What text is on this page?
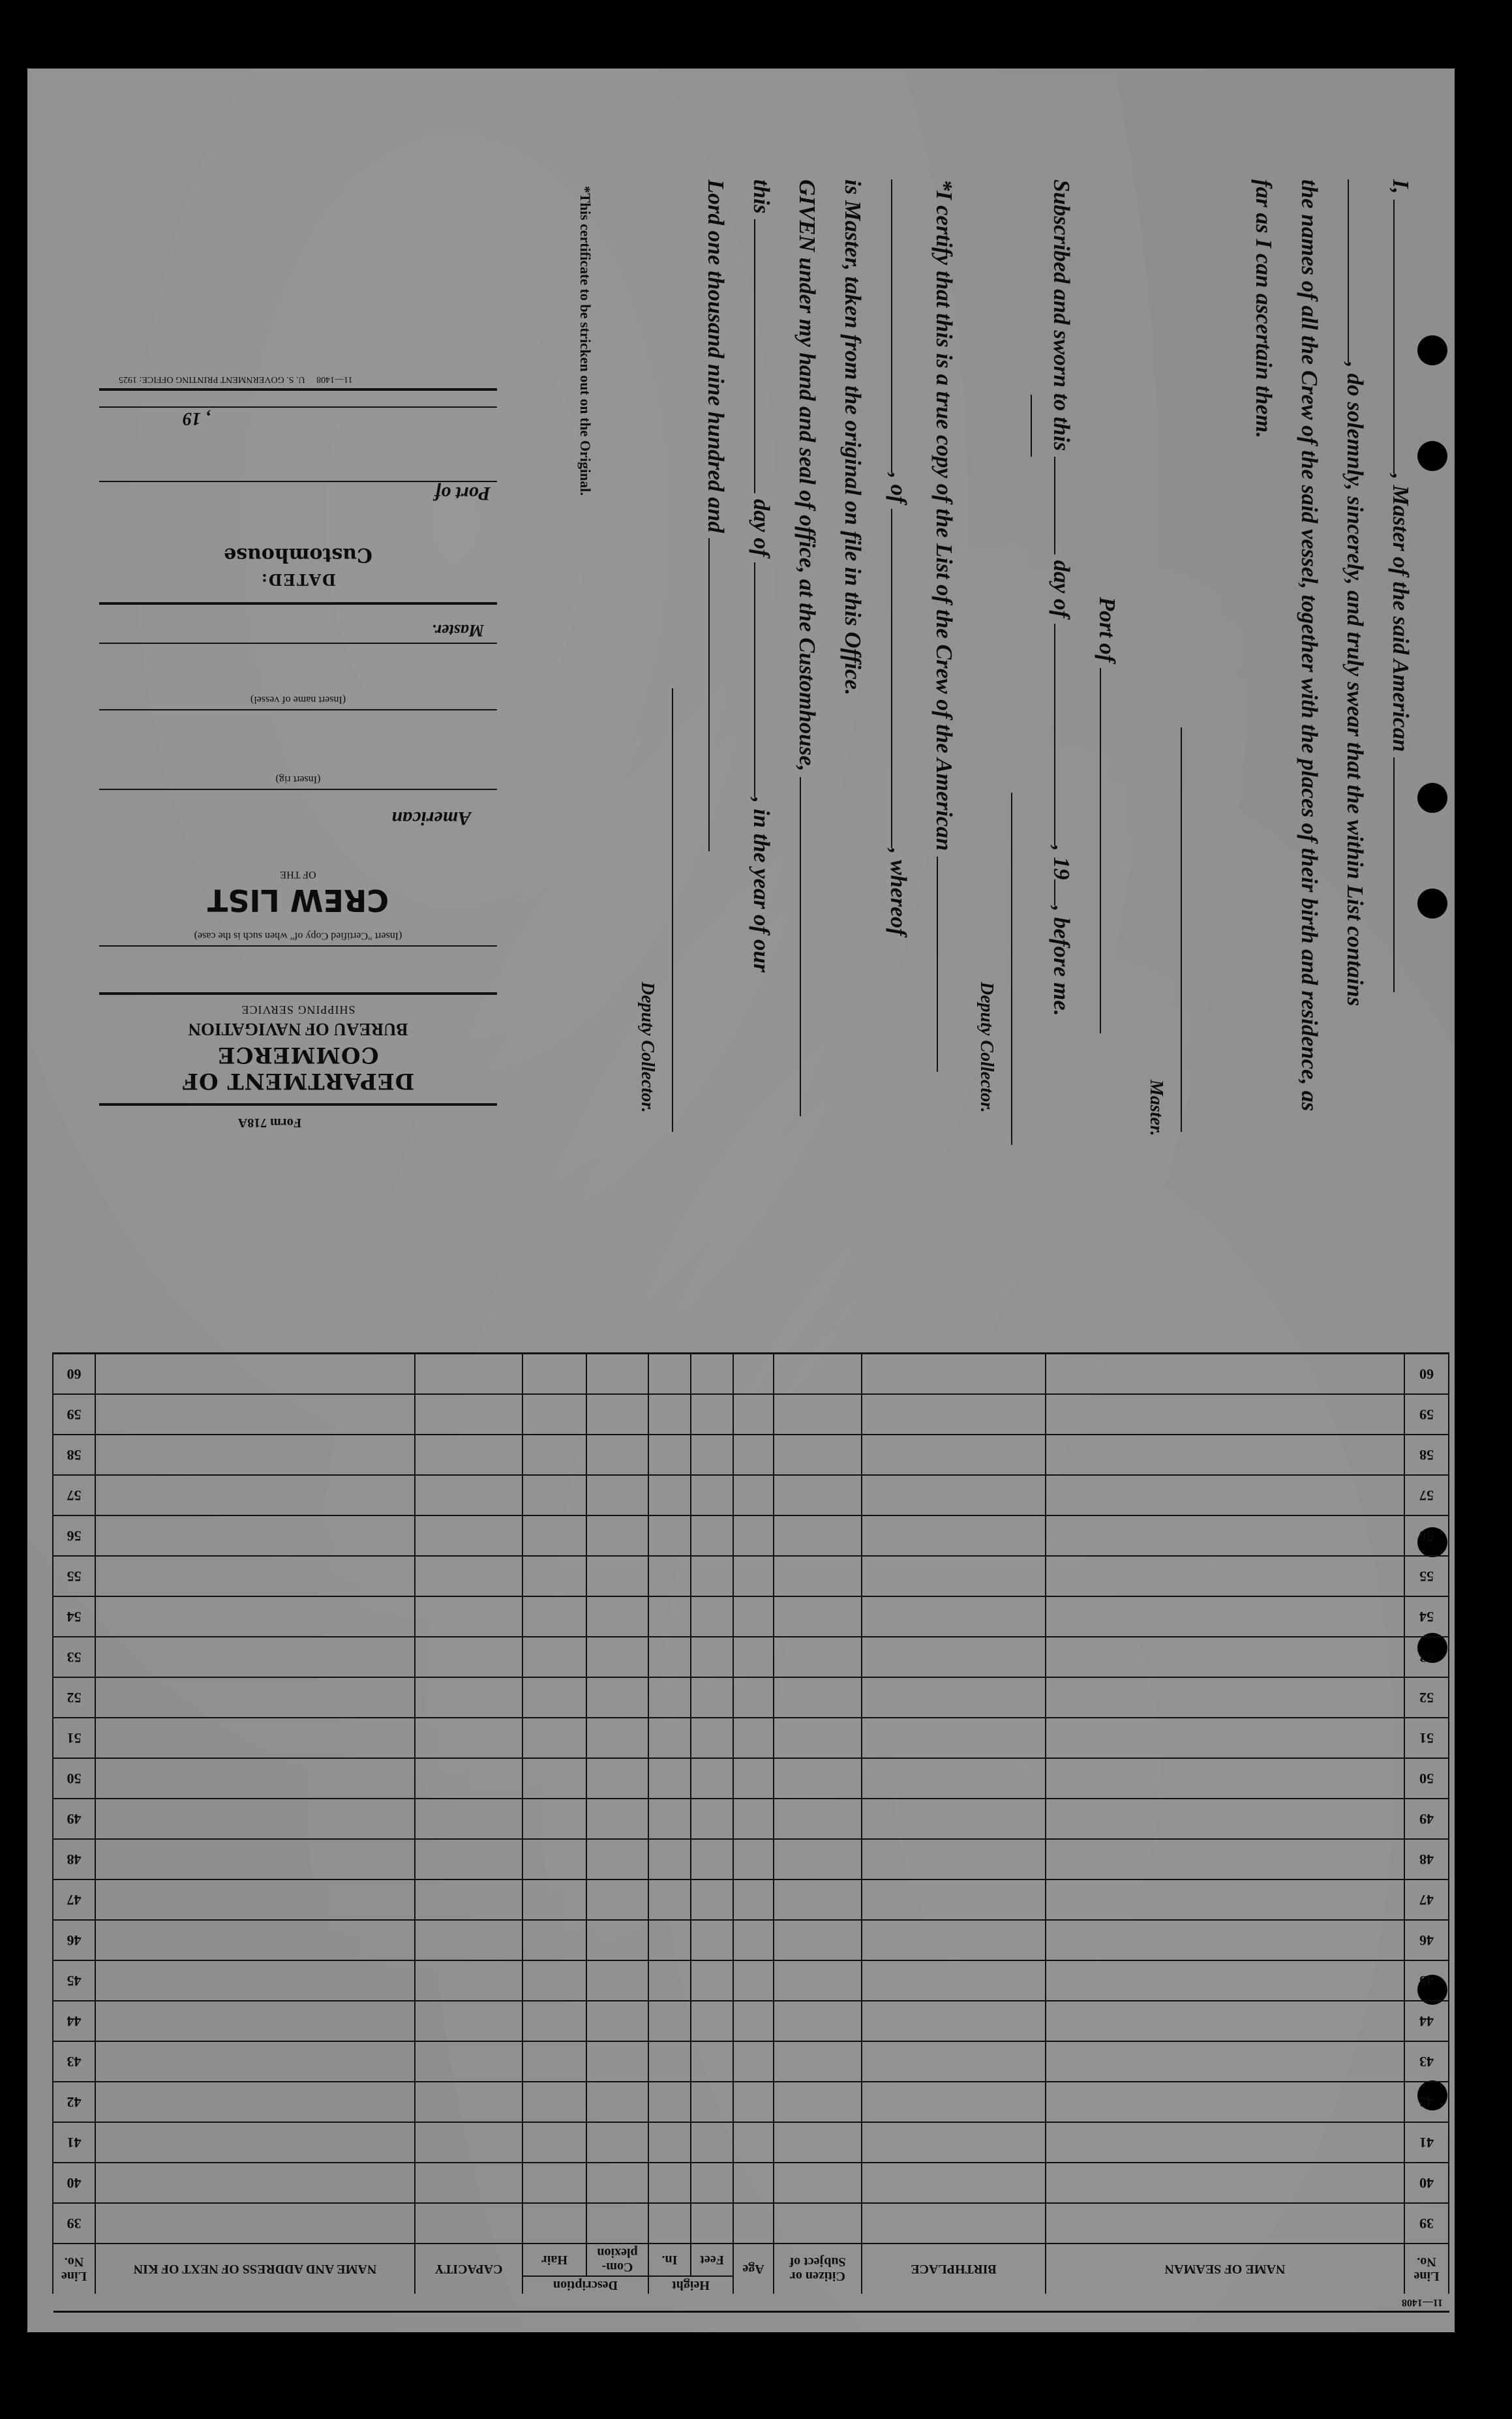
I, , Master of the said American

, do solemnly, sincerely, and truly swear that the within List contains

the names of all the Crew of the said vessel, together with the places of their birth and residence, as

far as I can ascertain them.

Master.

Port of

Subscribed and sworn to this  day of , 19, before me.

Deputy Collector.

*I certify that this is a true copy of the List of the Crew of the American

, of , whereof

is Master, taken from the original on file in this Office.

GIVEN under my hand and seal of office, at the Customhouse,

this  day of , in the year of our

Lord one thousand nine hundred and

Deputy Collector.

*This certificate to be stricken out on the Original.

Form 718A
DEPARTMENT OF COMMERCE
BUREAU OF NAVIGATION
SHIPPING SERVICE
(Insert "Certified Copy of" when such is the case)
CREW LIST
OF THE
American
(Insert rig)
(Insert name of vessel)
Master.
DATED:
Customhouse
Port of
, 19
11—1408     U. S. GOVERNMENT PRINTING OFFICE: 1925
11—1408
Line No.	NAME OF SEAMAN	BIRTHPLACE	Citizen or Subject of	Age	Height		Description		CAPACITY	NAME AND ADDRESS OF NEXT OF KIN	Line No.
					Feet	In.	Com-plexion	Hair			
39											39
40											40
41											41
42											42
43											43
44											44
45											45
46											46
47											47
48											48
49											49
50											50
51											51
52											52
53											53
54											54
55											55
56											56
57											57
58											58
59											59
60											60
